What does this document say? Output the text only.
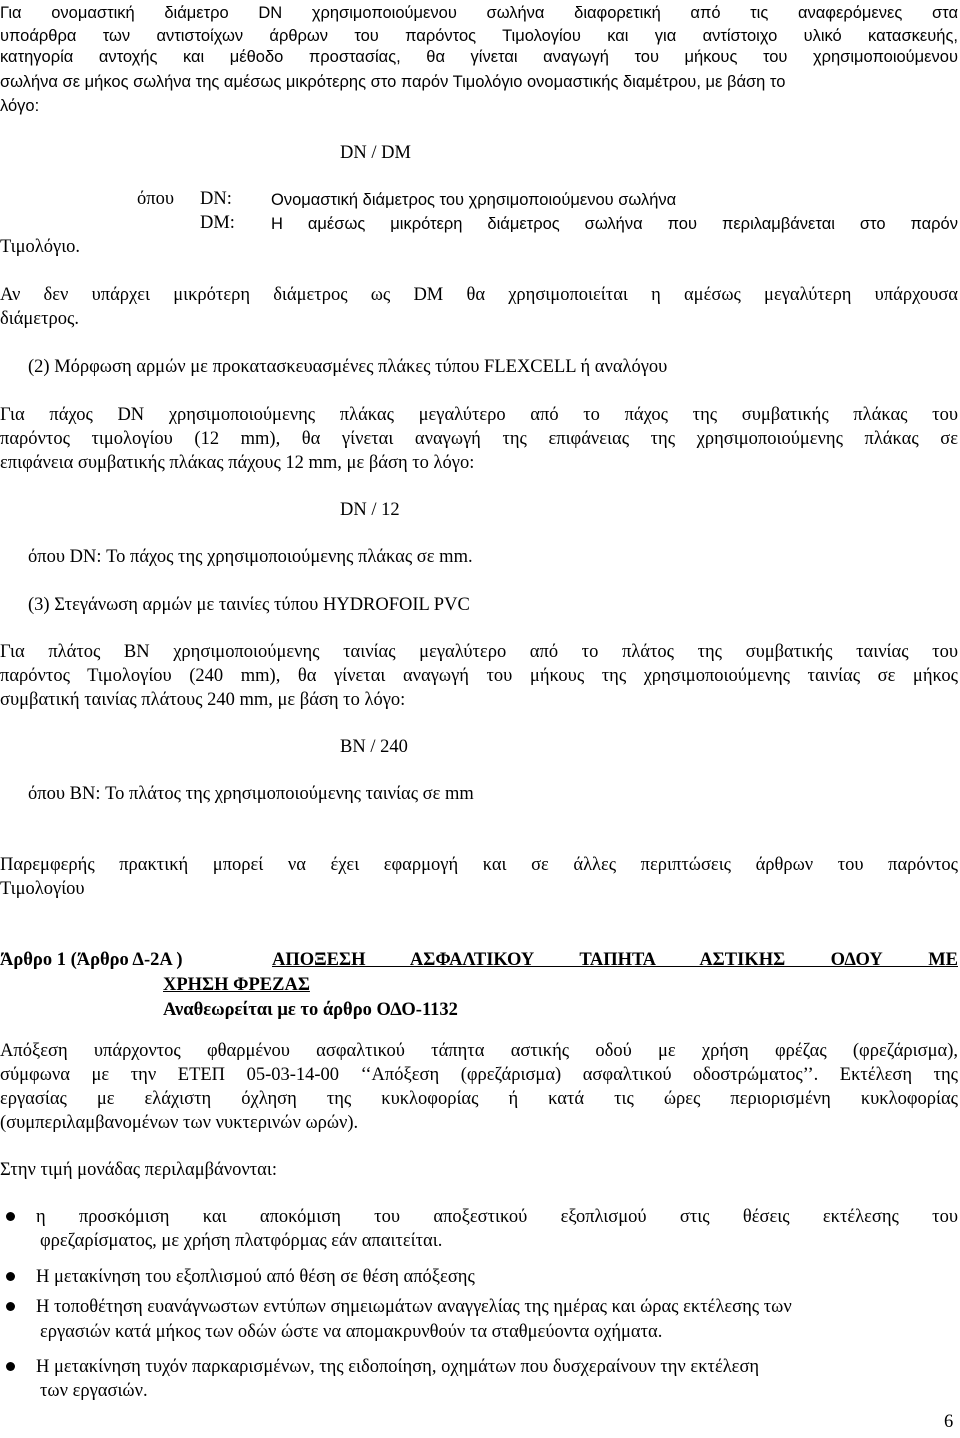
Για ονομαστική διάμετρο DN χρησιμοποιούμενου σωλήνα διαφορετική από τις αναφερόμενες στα
υποάρθρα των αντιστοίχων άρθρων του παρόντος Τιμολογίου και για αντίστοιχο υλικό κατασκευής,
κατηγορία αντοχής και μέθοδο προστασίας, θα γίνεται αναγωγή του μήκους του χρησιμοποιούμενου
σωλήνα σε μήκος σωλήνα της αμέσως μικρότερης στο παρόν Τιμολόγιο ονομαστικής διαμέτρου, με βάση το
λόγο:
DN / DM
όπου DN: Ονομαστική διάμετρος του χρησιμοποιούμενου σωλήνα
DM: Η αμέσως μικρότερη διάμετρος σωλήνα που περιλαμβάνεται στο παρόν
Τιμολόγιο.
Αν δεν υπάρχει μικρότερη διάμετρος ως DM θα χρησιμοποιείται η αμέσως μεγαλύτερη υπάρχουσα
διάμετρος.
(2) Μόρφωση αρμών με προκατασκευασμένες πλάκες τύπου FLEXCELL ή αναλόγου
Για πάχος DN χρησιμοποιούμενης πλάκας μεγαλύτερο από το πάχος της συμβατικής πλάκας του
παρόντος τιμολογίου (12 mm), θα γίνεται αναγωγή της επιφάνειας της χρησιμοποιούμενης πλάκας σε
επιφάνεια συμβατικής πλάκας πάχους 12 mm, με βάση το λόγο:
DN / 12
όπου DN: Το πάχος της χρησιμοποιούμενης πλάκας σε mm.
(3) Στεγάνωση αρμών με ταινίες τύπου HYDROFOIL PVC
Για πλάτος BN χρησιμοποιούμενης ταινίας μεγαλύτερο από το πλάτος της συμβατικής ταινίας του
παρόντος Τιμολογίου (240 mm), θα γίνεται αναγωγή του μήκους της χρησιμοποιούμενης ταινίας σε μήκος
συμβατική ταινίας πλάτους 240 mm, με βάση το λόγο:
BN / 240
όπου BN: Το πλάτος της χρησιμοποιούμενης ταινίας σε mm
Παρεμφερής πρακτική μπορεί να έχει εφαρμογή και σε άλλες περιπτώσεις άρθρων του παρόντος
Τιμολογίου
Άρθρο 1 (Άρθρο Δ-2Α )	ΑΠΟΞΕΣΗ ΑΣΦΑΛΤΙΚΟΥ ΤΑΠΗΤΑ ΑΣΤΙΚΗΣ ΟΔΟΥ ΜΕ
ΧΡΗΣΗ ΦΡΕΖΑΣ
Αναθεωρείται με το άρθρο ΟΔΟ-1132
Απόξεση υπάρχοντος φθαρμένου ασφαλτικού τάπητα αστικής οδού με χρήση φρέζας (φρεζάρισμα),
σύμφωνα με την ΕΤΕΠ 05-03-14-00 ‘‘Απόξεση (φρεζάρισμα) ασφαλτικού οδοστρώματος’’. Εκτέλεση της
εργασίας με ελάχιστη όχληση της κυκλοφορίας ή κατά τις ώρες περιορισμένη κυκλοφορίας
(συμπεριλαμβανομένων των νυκτερινών ωρών).
Στην τιμή μονάδας περιλαμβάνονται:
η προσκόμιση και αποκόμιση του αποξεστικού εξοπλισμού στις θέσεις εκτέλεσης του
φρεζαρίσματος, με χρήση πλατφόρμας εάν απαιτείται.
Η μετακίνηση του εξοπλισμού από θέση σε θέση απόξεσης
Η τοποθέτηση ευανάγνωστων εντύπων σημειωμάτων αναγγελίας της ημέρας και ώρας εκτέλεσης των
εργασιών κατά μήκος των οδών ώστε να απομακρυνθούν τα σταθμεύοντα οχήματα.
Η μετακίνηση τυχόν παρκαρισμένων, της ειδοποίηση, οχημάτων που δυσχεραίνουν την εκτέλεση
των εργασιών.
6
